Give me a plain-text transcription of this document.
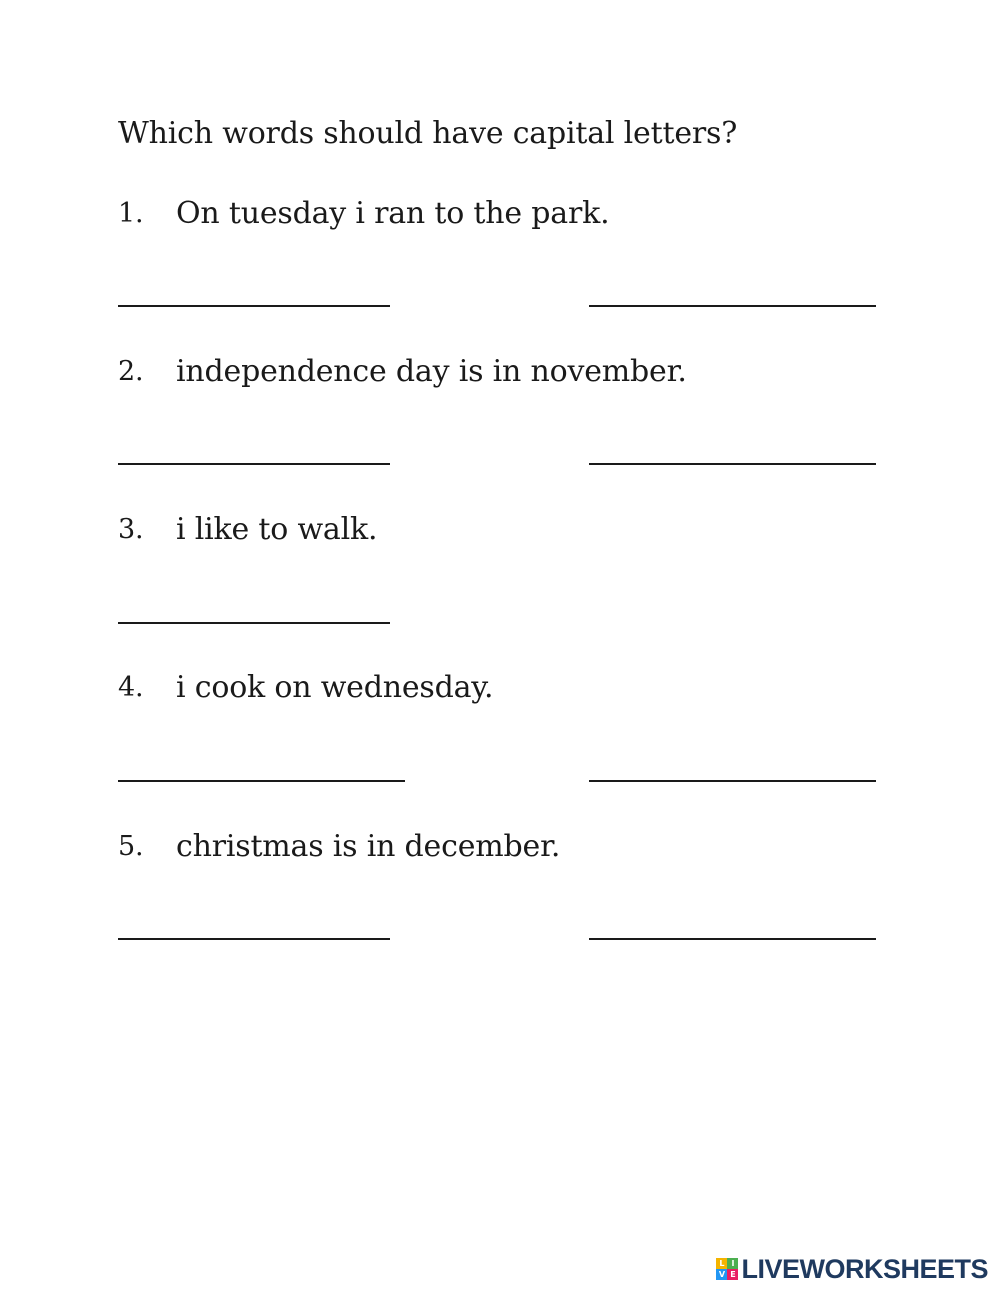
Which words should have capital letters?
1. On tuesday i ran to the park.
2. independence day is in november.
3. i like to walk.
4. i cook on wednesday.
5. christmas is in december.
L I
V E LIVEWORKSHEETS
